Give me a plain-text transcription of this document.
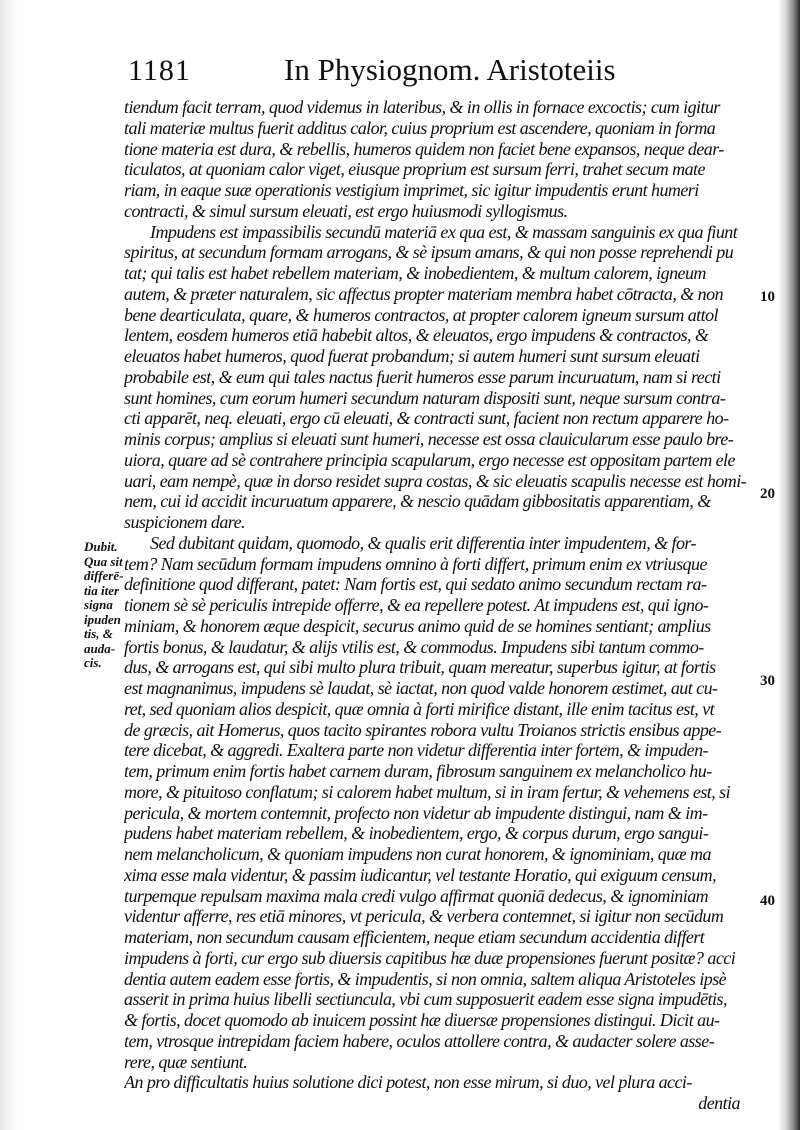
1181	In Physiognom. Aristoteiis
tiendum facit terram, quod videmus in lateribus, & in ollis in fornace excoctis; cum igitur
tali materiæ multus fuerit additus calor, cuius proprium est ascendere, quoniam in forma
tione materia est dura, & rebellis, humeros quidem non faciet bene expansos, neque dear-
ticulatos, at quoniam calor viget, eiusque proprium est sursum ferri, trahet secum mate
riam, in eaque suæ operationis vestigium imprimet, sic igitur impudentis erunt humeri
contracti, & simul sursum eleuati, est ergo huiusmodi syllogismus.
Impudens est impassibilis secundū materiā ex qua est, & massam sanguinis ex qua fiunt
spiritus, at secundum formam arrogans, & sè ipsum amans, & qui non posse reprehendi pu
tat; qui talis est habet rebellem materiam, & inobedientem, & multum calorem, igneum
autem, & præter naturalem, sic affectus propter materiam membra habet cōtracta, & non
bene dearticulata, quare, & humeros contractos, at propter calorem igneum sursum attol
lentem, eosdem humeros etiā habebit altos, & eleuatos, ergo impudens & contractos, &
eleuatos habet humeros, quod fuerat probandum; si autem humeri sunt sursum eleuati
probabile est, & eum qui tales nactus fuerit humeros esse parum incuruatum, nam si recti
sunt homines, cum eorum humeri secundum naturam dispositi sunt, neque sursum contra-
cti apparēt, neq. eleuati, ergo cū eleuati, & contracti sunt, facient non rectum apparere ho-
minis corpus; amplius si eleuati sunt humeri, necesse est ossa clauicularum esse paulo bre-
uiora, quare ad sè contrahere principia scapularum, ergo necesse est oppositam partem ele
uari, eam nempè, quæ in dorso residet supra costas, & sic eleuatis scapulis necesse est homi-
nem, cui id accidit incuruatum apparere, & nescio quādam gibbositatis apparentiam, &
suspicionem dare.
Sed dubitant quidam, quomodo, & qualis erit differentia inter impudentem, & for-
tem? Nam secūdum formam impudens omnino à forti differt, primum enim ex vtriusque
definitione quod differant, patet: Nam fortis est, qui sedato animo secundum rectam ra-
tionem sè sè periculis intrepide offerre, & ea repellere potest. At impudens est, qui igno-
miniam, & honorem æque despicit, securus animo quid de se homines sentiant; amplius
fortis bonus, & laudatur, & alijs vtilis est, & commodus. Impudens sibi tantum commo-
dus, & arrogans est, qui sibi multo plura tribuit, quam mereatur, superbus igitur, at fortis
est magnanimus, impudens sè laudat, sè iactat, non quod valde honorem æstimet, aut cu-
ret, sed quoniam alios despicit, quæ omnia à forti mirifice distant, ille enim tacitus est, vt
de græcis, ait Homerus, quos tacito spirantes robora vultu Troianos strictis ensibus appe-
tere dicebat, & aggredi. Exaltera parte non videtur differentia inter fortem, & impuden-
tem, primum enim fortis habet carnem duram, fibrosum sanguinem ex melancholico hu-
more, & pituitoso conflatum; si calorem habet multum, si in iram fertur, & vehemens est, si
pericula, & mortem contemnit, profecto non videtur ab impudente distingui, nam & im-
pudens habet materiam rebellem, & inobedientem, ergo, & corpus durum, ergo sangui-
nem melancholicum, & quoniam impudens non curat honorem, & ignominiam, quæ ma
xima esse mala videntur, & passim iudicantur, vel testante Horatio, qui exiguum censum,
turpemque repulsam maxima mala credi vulgo affirmat quoniā dedecus, & ignominiam
videntur afferre, res etiā minores, vt pericula, & verbera contemnet, si igitur non secūdum
materiam, non secundum causam efficientem, neque etiam secundum accidentia differt
impudens à forti, cur ergo sub diuersis capitibus hæ duæ propensiones fuerunt positæ? acci
dentia autem eadem esse fortis, & impudentis, si non omnia, saltem aliqua Aristoteles ipsè
asserit in prima huius libelli sectiuncula, vbi cum supposuerit eadem esse signa impudētis,
& fortis, docet quomodo ab inuicem possint hæ diuersæ propensiones distingui. Dicit au-
tem, vtrosque intrepidam faciem habere, oculos attollere contra, & audacter solere asse-
rere, quæ sentiunt.
An pro difficultatis huius solutione dici potest, non esse mirum, si duo, vel plura acci-
dentia
10
20
30
40
Dubit.
Qua sit
differē-
tia iter
signa
ipuden
tis, &
auda-
cis.
